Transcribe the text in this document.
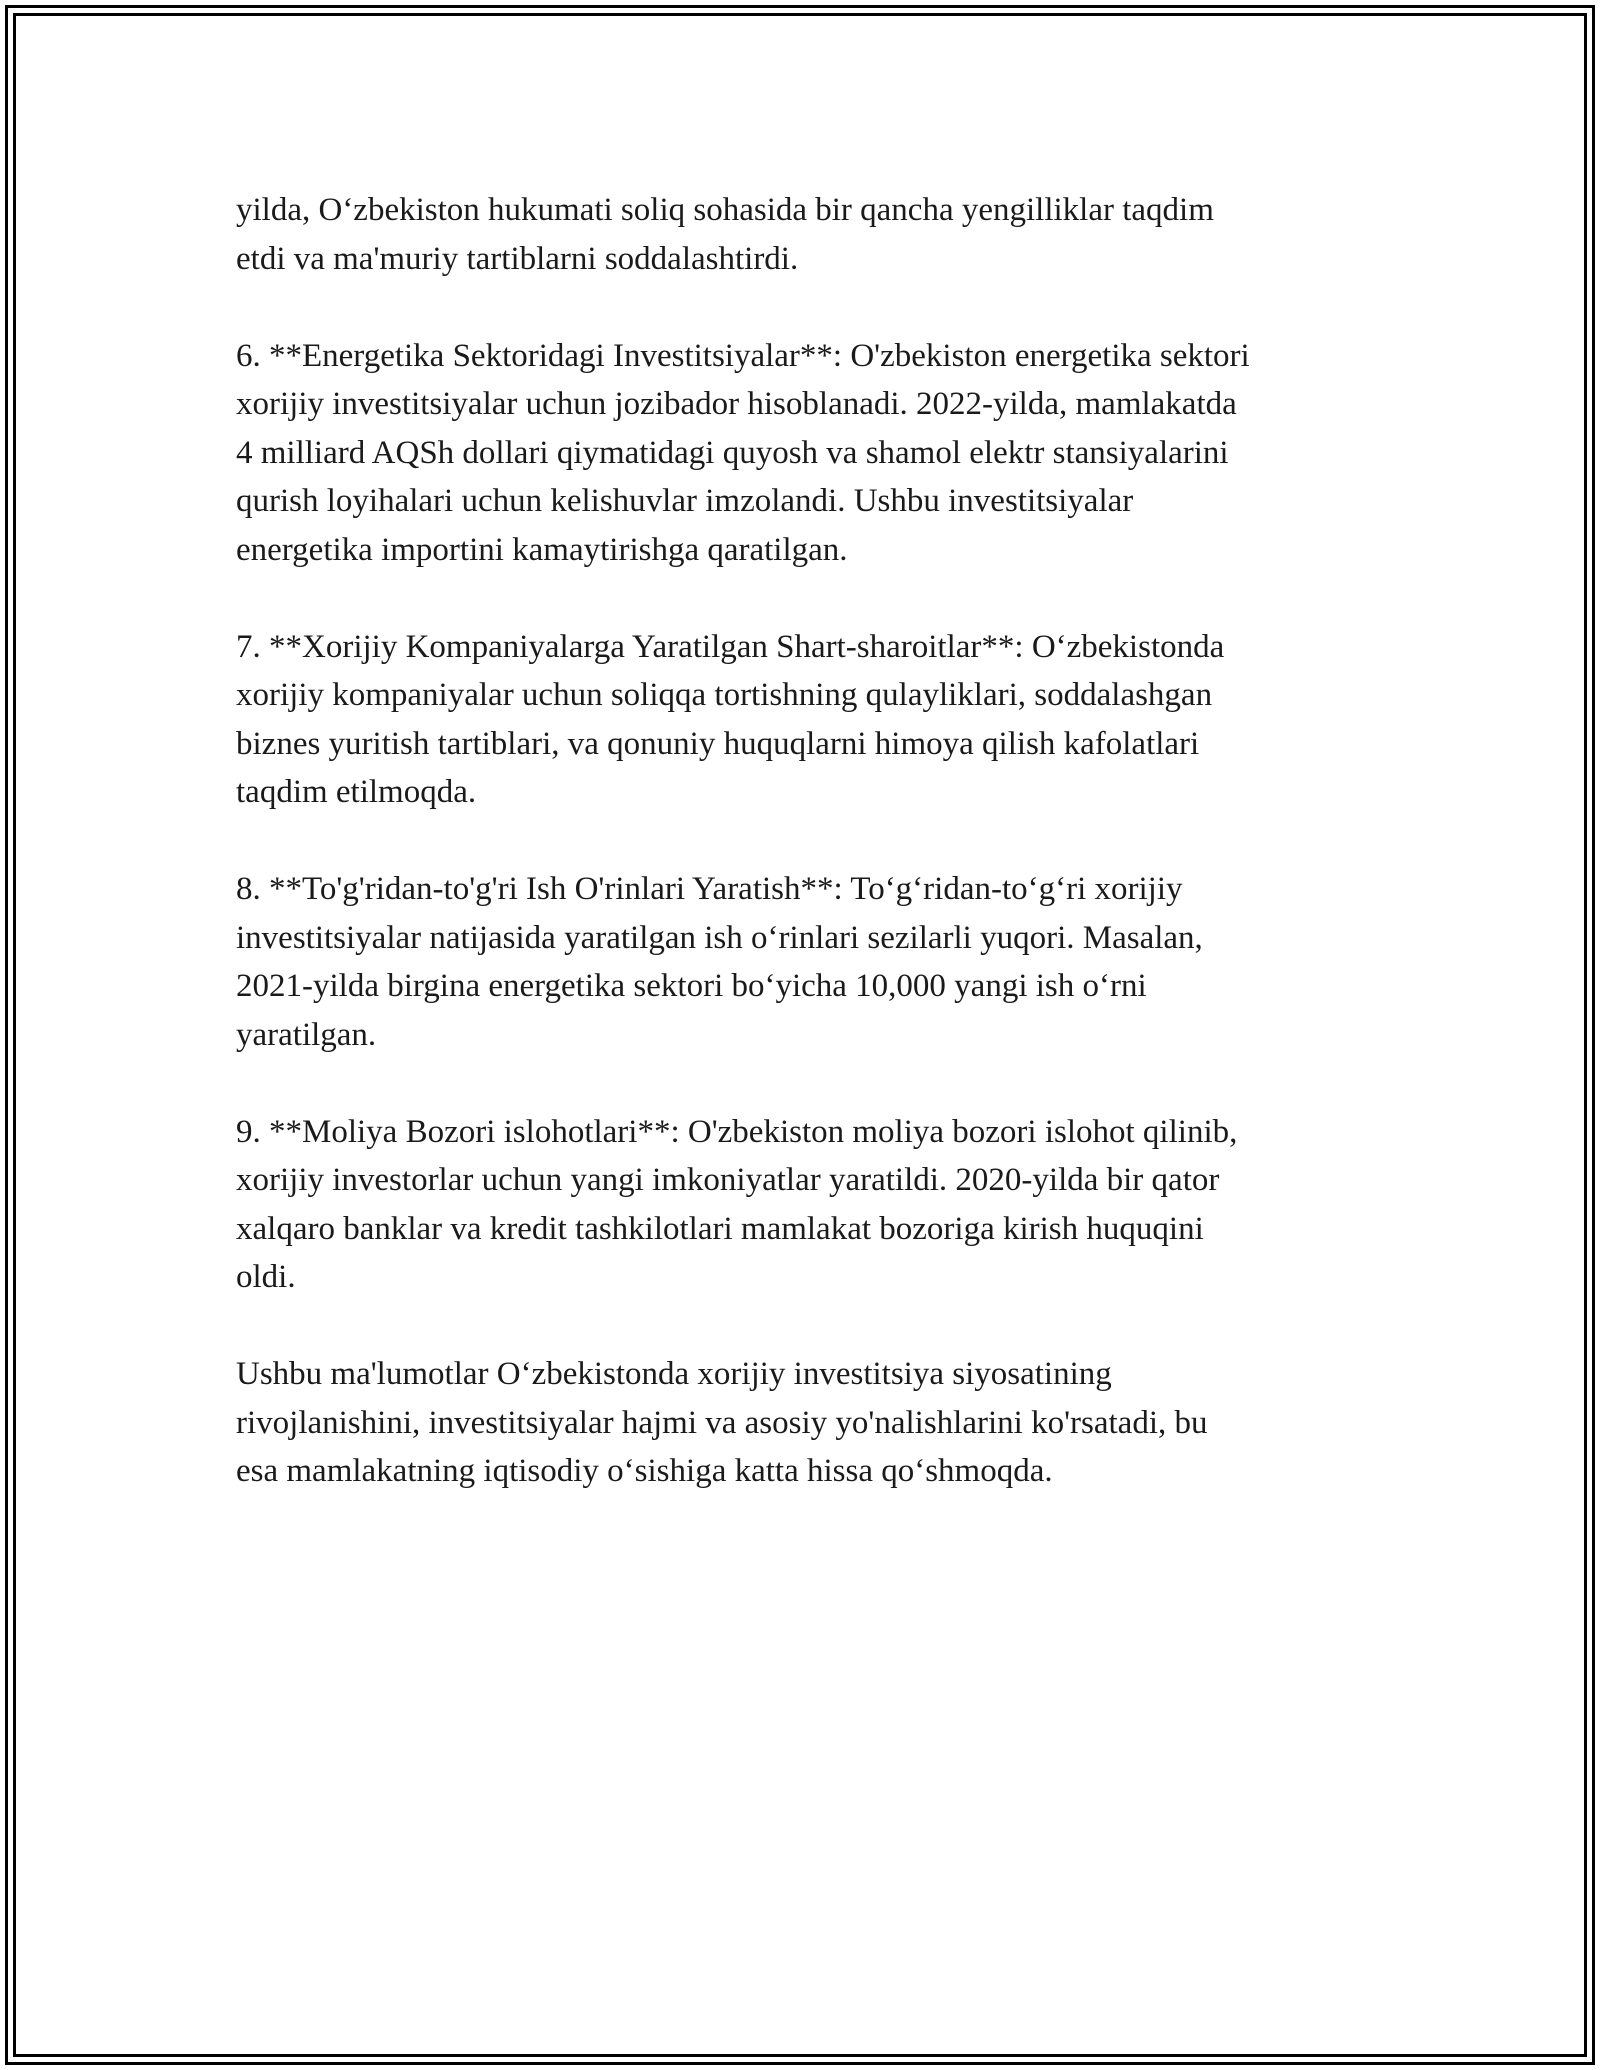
yilda, O‘zbekiston hukumati soliq sohasida bir qancha yengilliklar taqdim
etdi va ma'muriy tartiblarni soddalashtirdi.

6. **Energetika Sektoridagi Investitsiyalar**: O'zbekiston energetika sektori
xorijiy investitsiyalar uchun jozibador hisoblanadi. 2022-yilda, mamlakatda
4 milliard AQSh dollari qiymatidagi quyosh va shamol elektr stansiyalarini
qurish loyihalari uchun kelishuvlar imzolandi. Ushbu investitsiyalar
energetika importini kamaytirishga qaratilgan.

7. **Xorijiy Kompaniyalarga Yaratilgan Shart-sharoitlar**: O‘zbekistonda
xorijiy kompaniyalar uchun soliqqa tortishning qulayliklari, soddalashgan
biznes yuritish tartiblari, va qonuniy huquqlarni himoya qilish kafolatlari
taqdim etilmoqda.

8. **To'g'ridan-to'g'ri Ish O'rinlari Yaratish**: To‘g‘ridan-to‘g‘ri xorijiy
investitsiyalar natijasida yaratilgan ish o‘rinlari sezilarli yuqori. Masalan,
2021-yilda birgina energetika sektori bo‘yicha 10,000 yangi ish o‘rni
yaratilgan.

9. **Moliya Bozori islohotlari**: O'zbekiston moliya bozori islohot qilinib,
xorijiy investorlar uchun yangi imkoniyatlar yaratildi. 2020-yilda bir qator
xalqaro banklar va kredit tashkilotlari mamlakat bozoriga kirish huquqini
oldi.

Ushbu ma'lumotlar O‘zbekistonda xorijiy investitsiya siyosatining
rivojlanishini, investitsiyalar hajmi va asosiy yo'nalishlarini ko'rsatadi, bu
esa mamlakatning iqtisodiy o‘sishiga katta hissa qo‘shmoqda.
